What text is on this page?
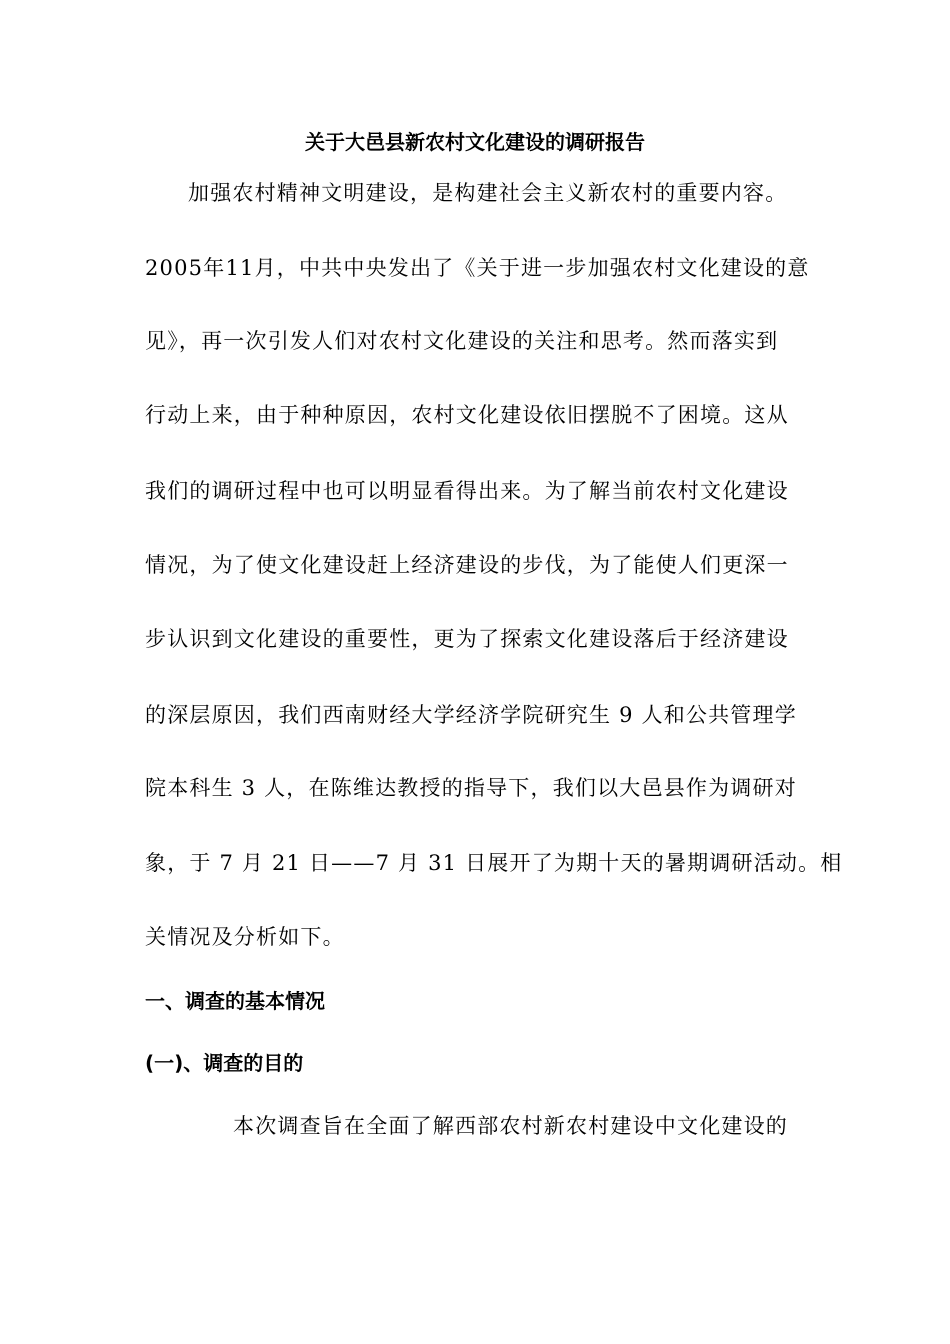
关于大邑县新农村文化建设的调研报告
加强农村精神文明建设，是构建社会主义新农村的重要内容。
2005年11月，中共中央发出了《关于进一步加强农村文化建设的意
见》，再一次引发人们对农村文化建设的关注和思考。然而落实到
行动上来，由于种种原因，农村文化建设依旧摆脱不了困境。这从
我们的调研过程中也可以明显看得出来。为了解当前农村文化建设
情况，为了使文化建设赶上经济建设的步伐，为了能使人们更深一
步认识到文化建设的重要性，更为了探索文化建设落后于经济建设
的深层原因，我们西南财经大学经济学院研究生 9 人和公共管理学
院本科生 3 人，在陈维达教授的指导下，我们以大邑县作为调研对
象，于 7 月 21 日——7 月 31 日展开了为期十天的暑期调研活动。相
关情况及分析如下。
一、调查的基本情况
(一)、调查的目的
本次调查旨在全面了解西部农村新农村建设中文化建设的
